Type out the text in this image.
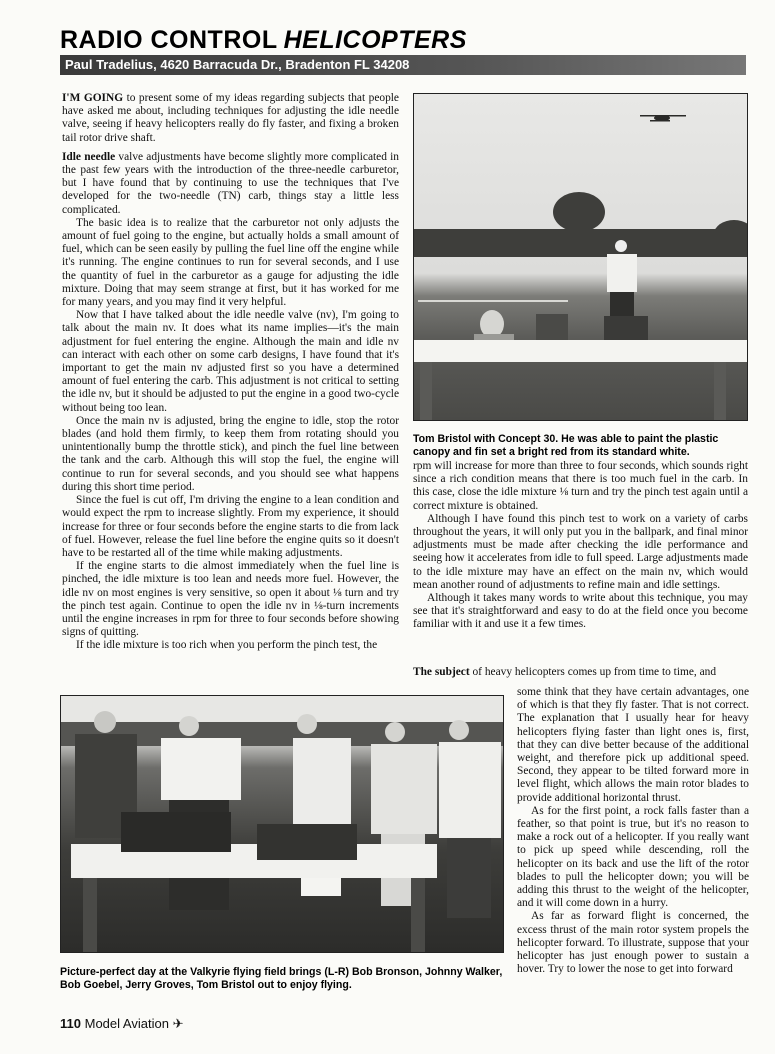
RADIO CONTROL HELICOPTERS
Paul Tradelius, 4620 Barracuda Dr., Bradenton FL 34208

I'M GOING to present some of my ideas regarding subjects that people have asked me about, including techniques for adjusting the idle needle valve, seeing if heavy helicopters really do fly faster, and fixing a broken tail rotor drive shaft.

Idle needle valve adjustments have become slightly more complicated in the past few years with the introduction of the three-needle carburetor, but I have found that by continuing to use the techniques that I've developed for the two-needle (TN) carb, things stay a little less complicated.

The basic idea is to realize that the carburetor not only adjusts the amount of fuel going to the engine, but actually holds a small amount of fuel, which can be seen easily by pulling the fuel line off the engine while it's running. The engine continues to run for several seconds, and I use the quantity of fuel in the carburetor as a gauge for adjusting the idle mixture. Doing that may seem strange at first, but it has worked for me for many years, and you may find it very helpful.

Now that I have talked about the idle needle valve (nv), I'm going to talk about the main nv. It does what its name implies—it's the main adjustment for fuel entering the engine. Although the main and idle nv can interact with each other on some carb designs, I have found that it's important to get the main nv adjusted first so you have a determined amount of fuel entering the carb. This adjustment is not critical to setting the idle nv, but it should be adjusted to put the engine in a good two-cycle without being too lean.

Once the main nv is adjusted, bring the engine to idle, stop the rotor blades (and hold them firmly, to keep them from rotating should you unintentionally bump the throttle stick), and pinch the fuel line between the tank and the carb. Although this will stop the fuel, the engine will continue to run for several seconds, and you should see what happens during this short time period.

Since the fuel is cut off, I'm driving the engine to a lean condition and would expect the rpm to increase slightly. From my experience, it should increase for three or four seconds before the engine starts to die from lack of fuel. However, release the fuel line before the engine quits so it doesn't have to be restarted all of the time while making adjustments.

If the engine starts to die almost immediately when the fuel line is pinched, the idle mixture is too lean and needs more fuel. However, the idle nv on most engines is very sensitive, so open it about ⅛ turn and try the pinch test again. Continue to open the idle nv in ⅛-turn increments until the engine increases in rpm for three to four seconds before showing signs of quitting.

If the idle mixture is too rich when you perform the pinch test, the

Tom Bristol with Concept 30. He was able to paint the plastic canopy and fin set a bright red from its standard white.

rpm will increase for more than three to four seconds, which sounds right since a rich condition means that there is too much fuel in the carb. In this case, close the idle mixture ⅛ turn and try the pinch test again until a correct mixture is obtained.

Although I have found this pinch test to work on a variety of carbs throughout the years, it will only put you in the ballpark, and final minor adjustments must be made after checking the idle performance and seeing how it accelerates from idle to full speed. Large adjustments made to the idle mixture may have an effect on the main nv, which would mean another round of adjustments to refine main and idle settings.

Although it takes many words to write about this technique, you may see that it's straightforward and easy to do at the field once you become familiar with it and use it a few times.

The subject of heavy helicopters comes up from time to time, and

some think that they have certain advantages, one of which is that they fly faster. That is not correct. The explanation that I usually hear for heavy helicopters flying faster than light ones is, first, that they can dive better because of the additional weight, and therefore pick up additional speed. Second, they appear to be tilted forward more in level flight, which allows the main rotor blades to provide additional horizontal thrust.

As for the first point, a rock falls faster than a feather, so that point is true, but it's no reason to make a rock out of a helicopter. If you really want to pick up speed while descending, roll the helicopter on its back and use the lift of the rotor blades to pull the helicopter down; you will be adding this thrust to the weight of the helicopter, and it will come down in a hurry.

As far as forward flight is concerned, the excess thrust of the main rotor system propels the helicopter forward. To illustrate, suppose that your helicopter has just enough power to sustain a hover. Try to lower the nose to get into forward

Picture-perfect day at the Valkyrie flying field brings (L-R) Bob Bronson, Johnny Walker, Bob Goebel, Jerry Groves, Tom Bristol out to enjoy flying.
110 Model Aviation ✈
